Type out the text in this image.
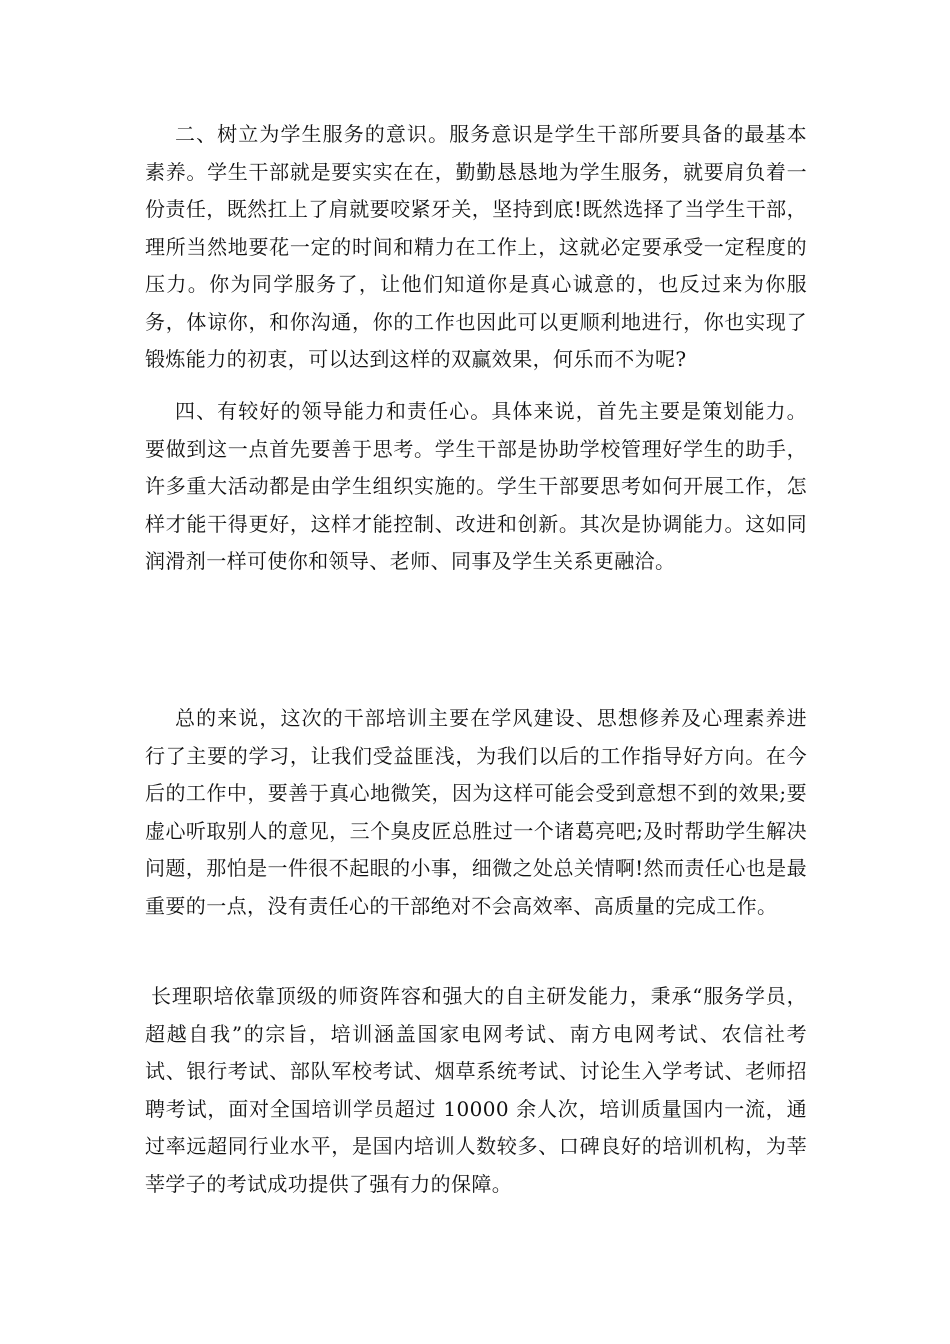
二、树立为学生服务的意识。服务意识是学生干部所要具备的最基本素养。学生干部就是要实实在在，勤勤恳恳地为学生服务，就要肩负着一份责任，既然扛上了肩就要咬紧牙关，坚持到底!既然选择了当学生干部，理所当然地要花一定的时间和精力在工作上，这就必定要承受一定程度的压力。你为同学服务了，让他们知道你是真心诚意的，也反过来为你服务，体谅你，和你沟通，你的工作也因此可以更顺利地进行，你也实现了锻炼能力的初衷，可以达到这样的双赢效果，何乐而不为呢?

四、有较好的领导能力和责任心。具体来说，首先主要是策划能力。要做到这一点首先要善于思考。学生干部是协助学校管理好学生的助手，许多重大活动都是由学生组织实施的。学生干部要思考如何开展工作，怎样才能干得更好，这样才能控制、改进和创新。其次是协调能力。这如同润滑剂一样可使你和领导、老师、同事及学生关系更融洽。

总的来说，这次的干部培训主要在学风建设、思想修养及心理素养进行了主要的学习，让我们受益匪浅，为我们以后的工作指导好方向。在今后的工作中，要善于真心地微笑，因为这样可能会受到意想不到的效果;要虚心听取别人的意见，三个臭皮匠总胜过一个诸葛亮吧;及时帮助学生解决问题，那怕是一件很不起眼的小事，细微之处总关情啊!然而责任心也是最重要的一点，没有责任心的干部绝对不会高效率、高质量的完成工作。

长理职培依靠顶级的师资阵容和强大的自主研发能力，秉承“服务学员，超越自我”的宗旨，培训涵盖国家电网考试、南方电网考试、农信社考试、银行考试、部队军校考试、烟草系统考试、讨论生入学考试、老师招聘考试，面对全国培训学员超过 10000 余人次，培训质量国内一流，通过率远超同行业水平，是国内培训人数较多、口碑良好的培训机构，为莘莘学子的考试成功提供了强有力的保障。
